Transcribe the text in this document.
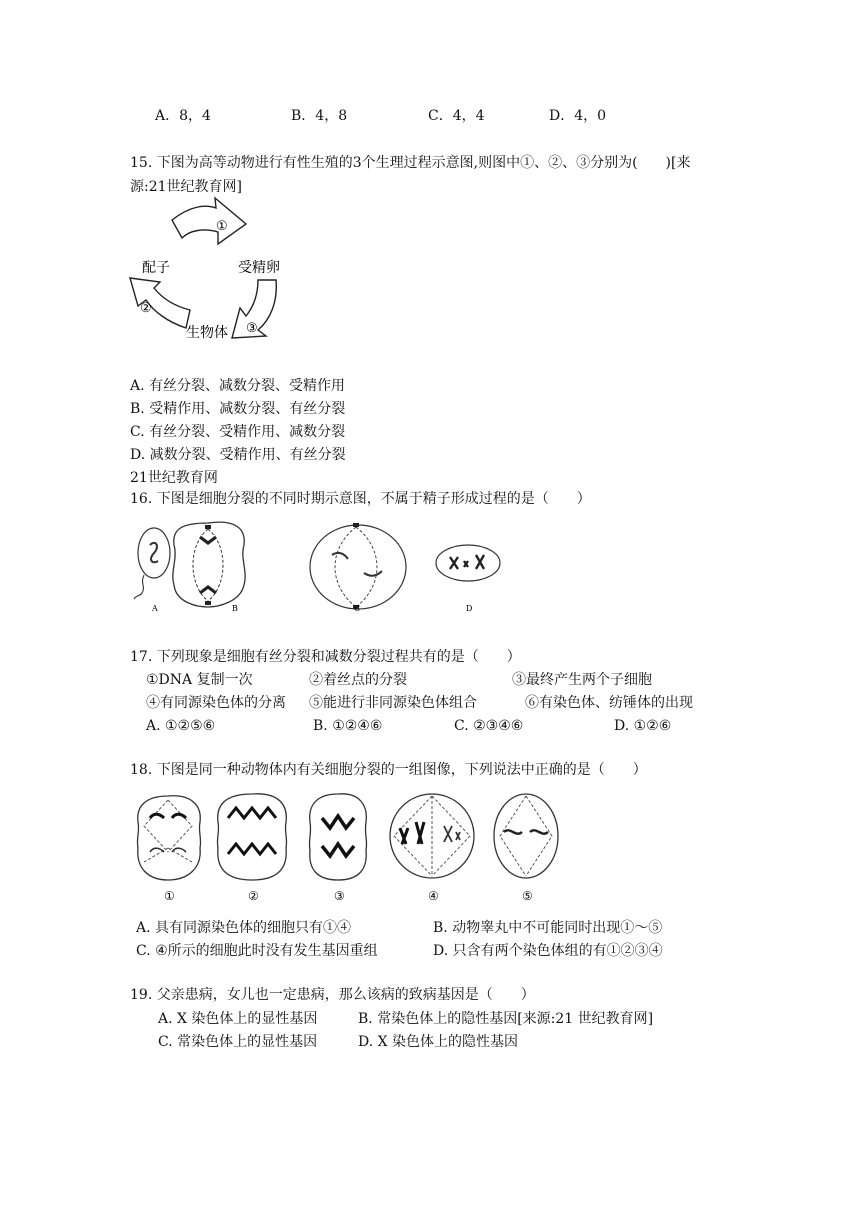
A．8，4	B．4，8	C．4，4	D．4，0
15. 下图为高等动物进行有性生殖的3个生理过程示意图,则图中①、②、③分别为(　　)[来
源:21世纪教育网]
①
②
③
配子	受精卵
生物体
A. 有丝分裂、减数分裂、受精作用
B. 受精作用、减数分裂、有丝分裂
C. 有丝分裂、受精作用、减数分裂
D. 减数分裂、受精作用、有丝分裂
21世纪教育网
16. 下图是细胞分裂的不同时期示意图，不属于精子形成过程的是（　　）
A	B	C	D
17. 下列现象是细胞有丝分裂和减数分裂过程共有的是（　　）
①DNA 复制一次	②着丝点的分裂	③最终产生两个子细胞
④有同源染色体的分离 ⑤能进行非同源染色体组合	⑥有染色体、纺锤体的出现
A. ①②⑤⑥	B. ①②④⑥	C. ②③④⑥	D. ①②⑥
18. 下图是同一种动物体内有关细胞分裂的一组图像，下列说法中正确的是（　　）
①	②	③	④	⑤
A. 具有同源染色体的细胞只有①④	B. 动物睾丸中不可能同时出现①～⑤
C. ④所示的细胞此时没有发生基因重组	D. 只含有两个染色体组的有①②③④
19. 父亲患病，女儿也一定患病，那么该病的致病基因是（　　）
A. X 染色体上的显性基因	B. 常染色体上的隐性基因[来源:21 世纪教育网]
C. 常染色体上的显性基因	D. X 染色体上的隐性基因
